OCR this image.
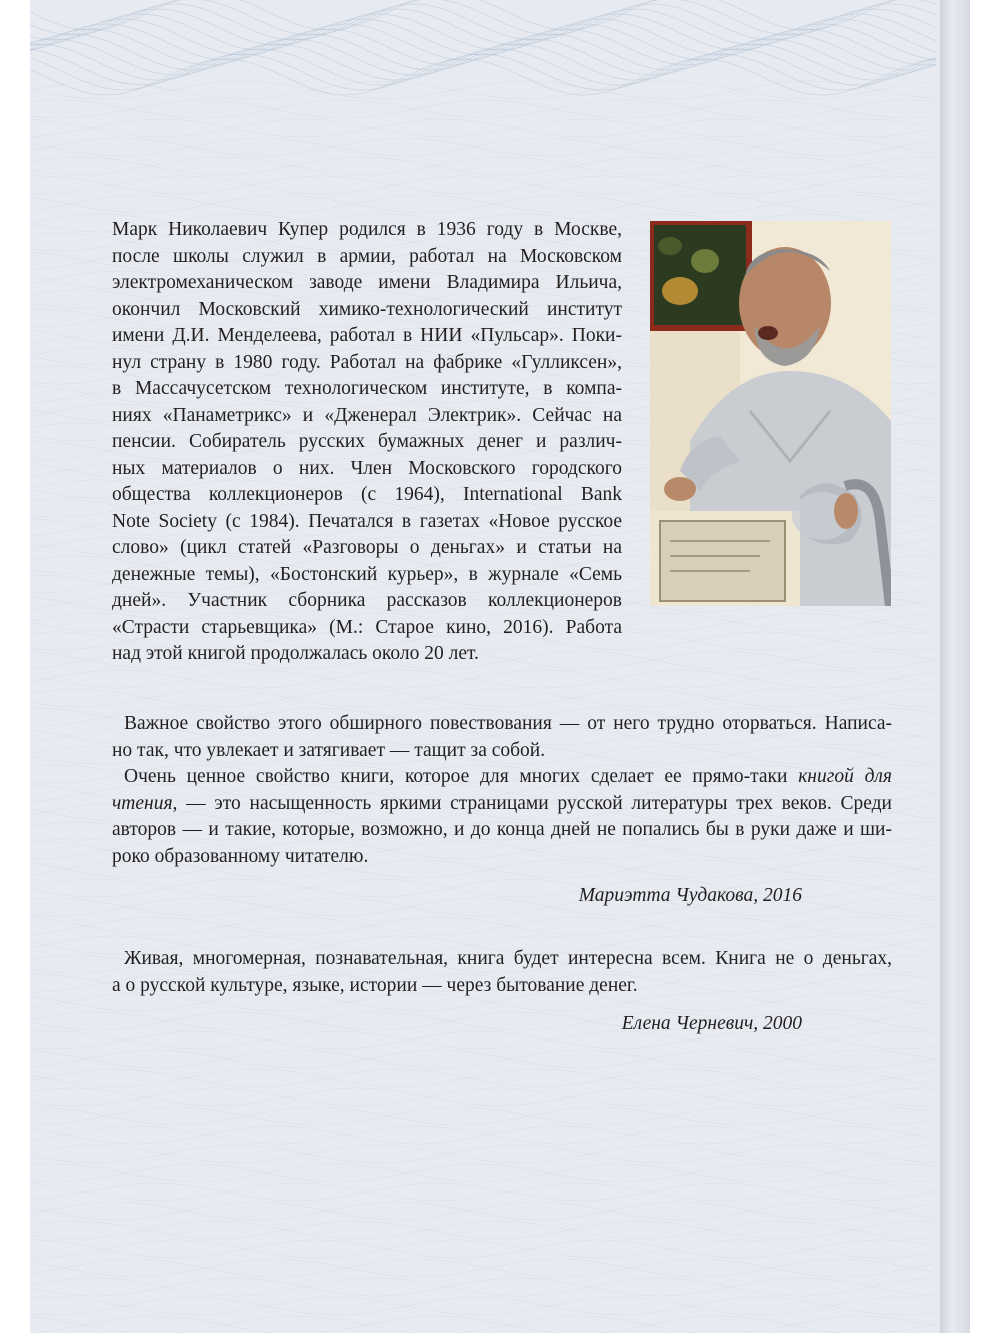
Марк Николаевич Купер родился в 1936 году в Москве,
после школы служил в армии, работал на Московском
электромеханическом заводе имени Владимира Ильича,
окончил Московский химико-технологический институт
имени Д.И. Менделеева, работал в НИИ «Пульсар». Поки-
нул страну в 1980 году. Работал на фабрике «Гулликсен»,
в Массачусетском технологическом институте, в компа-
ниях «Панаметрикс» и «Дженерал Электрик». Сейчас на
пенсии. Собиратель русских бумажных денег и различ-
ных материалов о них. Член Московского городского
общества коллекционеров (с 1964), International Bank
Note Society (с 1984). Печатался в газетах «Новое русское
слово» (цикл статей «Разговоры о деньгах» и статьи на
денежные темы), «Бостонский курьер», в журнале «Семь
дней». Участник сборника рассказов коллекционеров
«Страсти старьевщика» (М.: Старое кино, 2016). Работа
над этой книгой продолжалась около 20 лет.
Важное свойство этого обширного повествования — от него трудно оторваться. Написа-
но так, что увлекает и затягивает — тащит за собой.
Очень ценное свойство книги, которое для многих сделает ее прямо-таки книгой для
чтения, — это насыщенность яркими страницами русской литературы трех веков. Среди
авторов — и такие, которые, возможно, и до конца дней не попались бы в руки даже и ши-
роко образованному читателю.
Мариэтта Чудакова, 2016
Живая, многомерная, познавательная, книга будет интересна всем. Книга не о деньгах,
а о русской культуре, языке, истории — через бытование денег.
Елена Черневич, 2000
